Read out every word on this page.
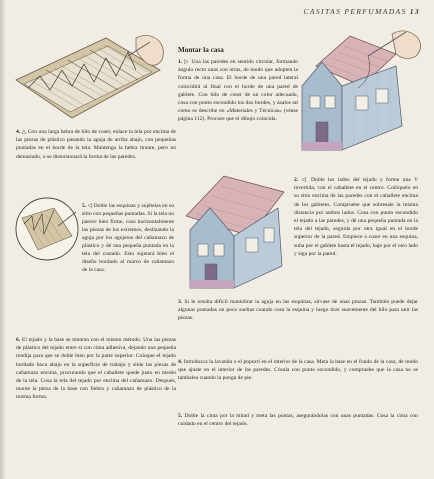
CASITAS PERFUMADAS 13
4. △ Con una larga hebra de hilo de coser, enlace la tela por encima de las piezas de plástico pasando la aguja de arriba abajo, con pequeñas puntadas en el borde de la tela. Mantenga la hebra tirante, pero no demasiado, o se distorsionará la forma de las paredes.
5. ◁ Doble las esquinas y sujételas en su sitio con pequeñas puntadas. Si la tela no parece bien firme, cosa horizontalmente las piezas de los extremos, deslizando la aguja por los agujeros del cañamazo de plástico y dé una pequeña puntada en la tela del costado. Esto sujetará bien el diseño bordado al marco de cañamazo de la casa.
6. El tejado y la base se montan con el mismo método. Una las piezas de plástico del tejado entre sí con cinta adhesiva, dejando una pequeña rendija para que se doble bien por la parte superior. Coloque el tejado bordado boca abajo en la superficie de trabajo y sitúe las piezas de cañamazo encima, procurando que el caballete quede justo en medio de la tela. Cosa la tela del tejado por encima del cañamazo. Después, monte la pieza de la base con fieltro y cañamazo de plástico de la misma forma.
Montar la casa
1. ▷ Una las paredes en sentido circular, formando ángulo recto unas con otras, de modo que adopten la forma de una casa. El borde de una pared lateral coincidirá al final con el borde de una pared de gablete. Con hilo de coser de un color adecuado, cosa con punto escondido los dos bordes, y ásalos tal como se describe en «Materiales y Técnicas» (véase página 112). Procure que el dibujo coincida.
2. ◁ Doble los lados del tejado y forme una V invertida, con el caballete en el centro. Colóquelo en su sitio encima de las paredes con el caballete encima de los gabletes. Compruebe que sobresale la misma distancia por ambos lados. Cosa con punto escondido el tejado a las paredes, y dé una pequeña puntada en la tela del tejado, seguida por otra igual en el borde superior de la pared. Empiece a coser en una esquina, suba por el gablete hasta el tejado, baje por el otro lado y siga por la pared.
3. Si le resulta difícil maniobrar la aguja en las esquinas, sírvase de unas pinzas. También puede dejar algunas puntadas un poco sueltas cuando cosa la esquina y luego tirar suavemente del hilo para unir las piezas.
4. Introduzca la lavanda o el popurrí en el interior de la casa. Meta la base en el fondo de la casa, de modo que ajuste en el interior de las paredes. Cósala con punto escondido, y compruebe que la casa no se tambalea cuando la ponga de pie.
5. Doble la cinta por la mitad y meta las puntas, asegurándolas con unas puntadas. Cosa la cinta con cuidado en el centro del tejado.
